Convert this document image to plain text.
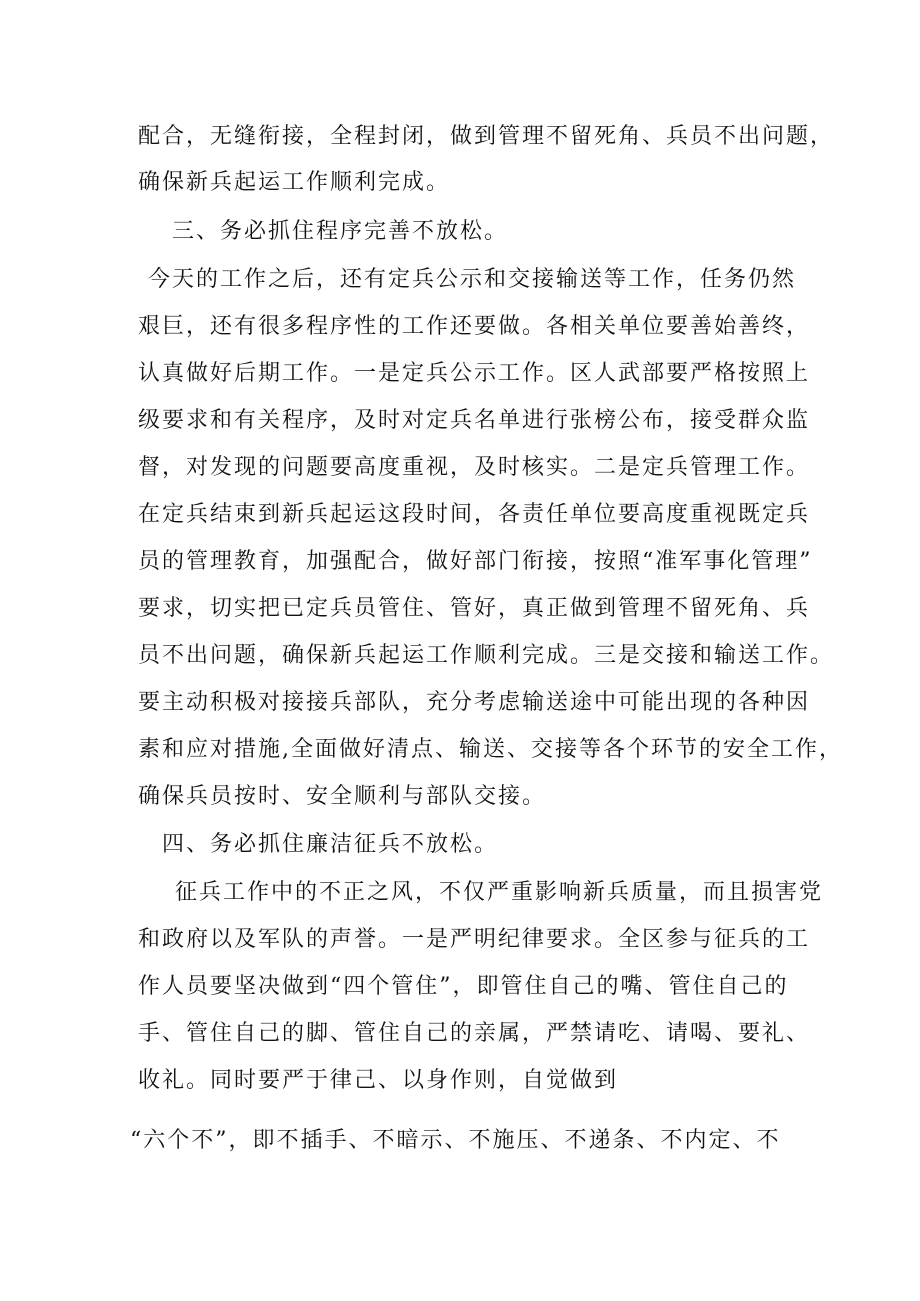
配合，无缝衔接，全程封闭，做到管理不留死角、兵员不出问题，
确保新兵起运工作顺利完成。
三、务必抓住程序完善不放松。
今天的工作之后，还有定兵公示和交接输送等工作，任务仍然
艰巨，还有很多程序性的工作还要做。各相关单位要善始善终，
认真做好后期工作。一是定兵公示工作。区人武部要严格按照上
级要求和有关程序，及时对定兵名单进行张榜公布，接受群众监
督，对发现的问题要高度重视，及时核实。二是定兵管理工作。
在定兵结束到新兵起运这段时间，各责任单位要高度重视既定兵
员的管理教育，加强配合，做好部门衔接，按照“准军事化管理”
要求，切实把已定兵员管住、管好，真正做到管理不留死角、兵
员不出问题，确保新兵起运工作顺利完成。三是交接和输送工作。
要主动积极对接接兵部队，充分考虑输送途中可能出现的各种因
素和应对措施,全面做好清点、输送、交接等各个环节的安全工作，
确保兵员按时、安全顺利与部队交接。
四、务必抓住廉洁征兵不放松。
征兵工作中的不正之风，不仅严重影响新兵质量，而且损害党
和政府以及军队的声誉。一是严明纪律要求。全区参与征兵的工
作人员要坚决做到“四个管住”，即管住自己的嘴、管住自己的
手、管住自己的脚、管住自己的亲属，严禁请吃、请喝、要礼、
收礼。同时要严于律己、以身作则，自觉做到
“六个不”，即不插手、不暗示、不施压、不递条、不内定、不
